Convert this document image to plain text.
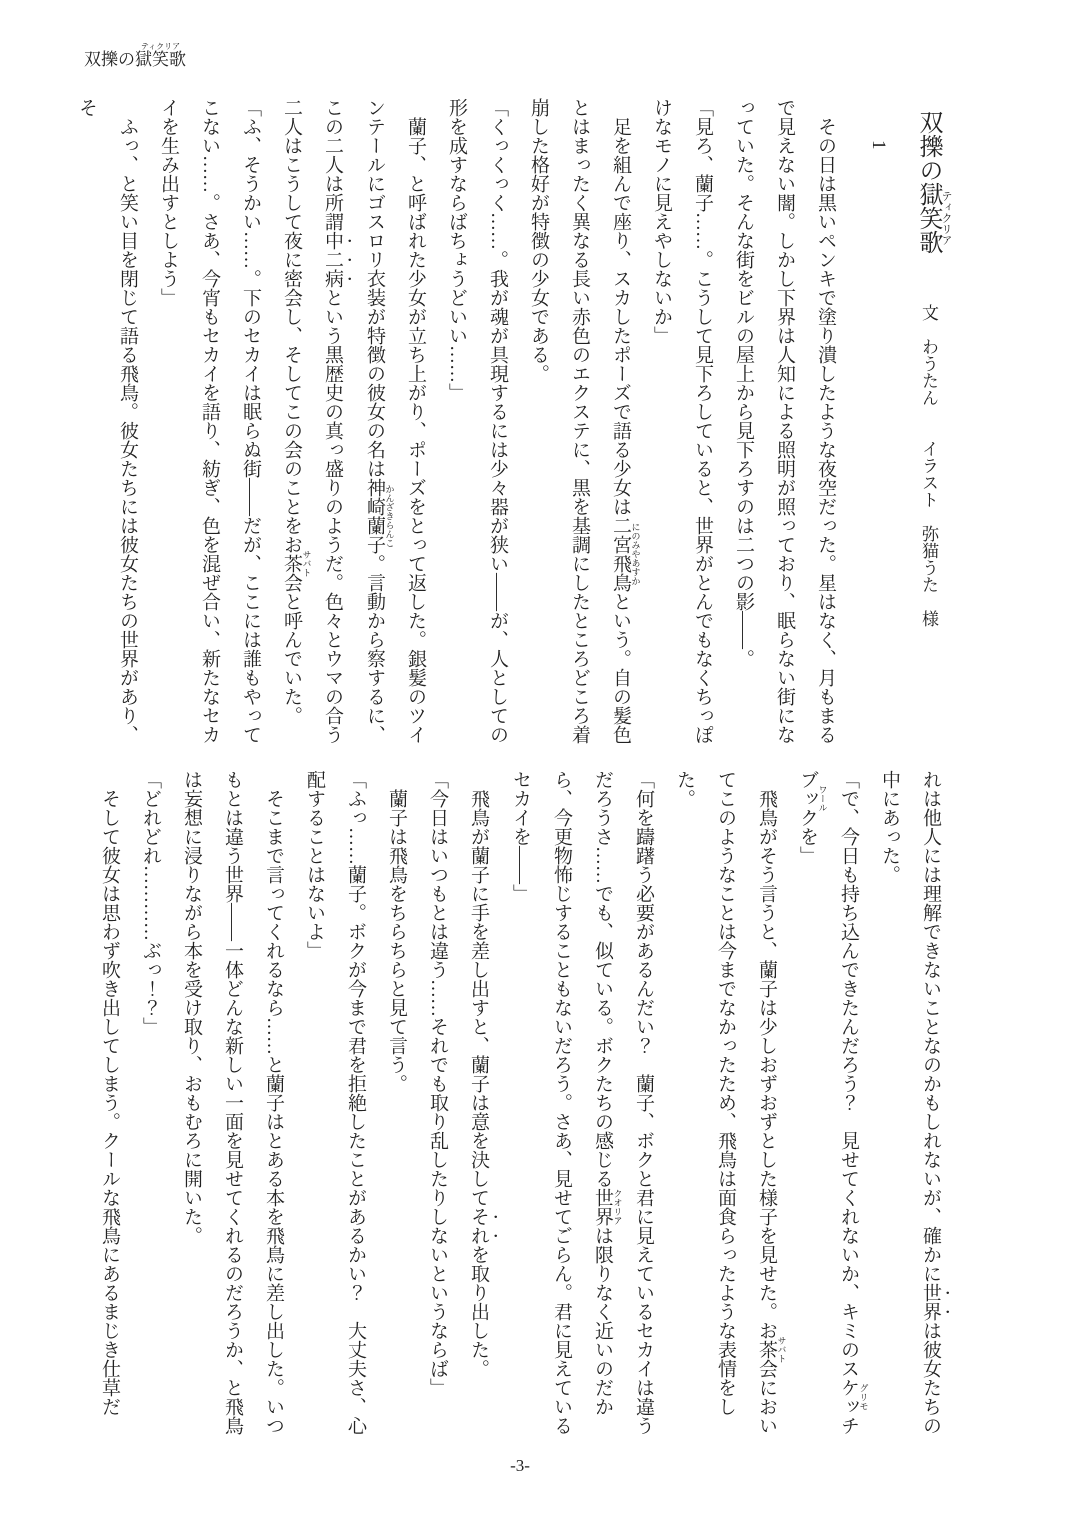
双擽の獄笑歌ティクリア
双擽の獄笑歌 ティクリア 文　わうたん　　イラスト　弥猫うた　様
1

その日は黒いペンキで塗り潰したような夜空だった。星はなく、月もまるで見えない闇。しかし下界は人知による照明が照っており、眠らない街になっていた。そんな街をビルの屋上から見下ろすのは二つの影――。

「見ろ、蘭子……。こうして見下ろしていると、世界がとんでもなくちっぽけなモノに見えやしないか」

足を組んで座り、スカしたポーズで語る少女は二宮飛鳥 にのみやあすかという。自の髪色とはまったく異なる長い赤色のエクステに、黒を基調にしたところどころ着崩した格好が特徴の少女である。

「くっくっく……。我が魂が具現するには少々器が狭い――が、人としての形を成すならばちょうどいい……」

蘭子、と呼ばれた少女が立ち上がり、ポーズをとって返した。銀髪のツインテールにゴスロリ衣装が特徴の彼女の名は神崎蘭子 かんざきらんこ。言動から察するに、この二人は所謂中二病という黒歴史の真っ盛りのようだ。色々とウマの合う二人はこうして夜に密会し、そしてこの会のことをお茶会 サバトと呼んでいた。

「ふ、そうかい……。下のセカイは眠らぬ街――だが、ここには誰もやってこない……。さあ、今宵もセカイを語り、紡ぎ、色を混ぜ合い、新たなセカイを生み出すとしよう」

ふっ、と笑い目を閉じて語る飛鳥。彼女たちには彼女たちの世界があり、そ

れは他人には理解できないことなのかもしれないが、確かに世界は彼女たちの中にあった。

「で、今日も持ち込んできたんだろう？　見せてくれないか、キミのスケッチブックグリモワールを」

飛鳥がそう言うと、蘭子は少しおずおずとした様子を見せた。お茶会 サバトにおいてこのようなことは今までなかったため、飛鳥は面食らったような表情をした。

「何を躊躇う必要があるんだい？　蘭子、ボクと君に見えているセカイは違うだろうさ……でも、似ている。ボクたちの感じる世界 クオリアは限りなく近いのだから、今更物怖じすることもないだろう。さあ、見せてごらん。君に見えているセカイを――」

飛鳥が蘭子に手を差し出すと、蘭子は意を決してそれを取り出した。

「今日はいつもとは違う……それでも取り乱したりしないというならば」

蘭子は飛鳥をちらちらと見て言う。

「ふっ……蘭子。ボクが今まで君を拒絶したことがあるかい？　大丈夫さ、心配することはないよ」

そこまで言ってくれるなら……と蘭子はとある本を飛鳥に差し出した。いつもとは違う世界――一体どんな新しい一面を見せてくれるのだろうか、と飛鳥は妄想に浸りながら本を受け取り、おもむろに開いた。

「どれどれ…………ぶっ！？」

そして彼女は思わず吹き出してしまう。クールな飛鳥にあるまじき仕草だ

-3-
